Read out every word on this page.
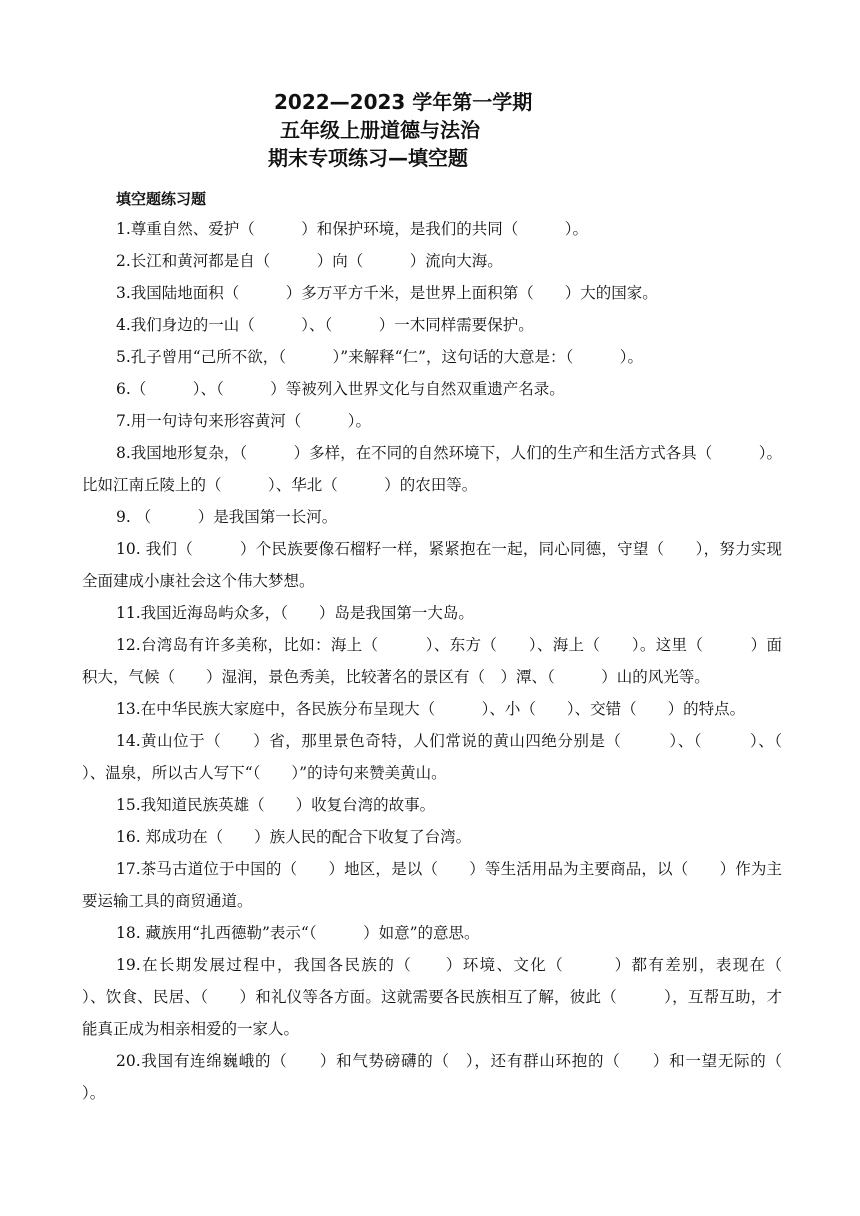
2022—2023 学年第一学期
五年级上册道德与法治
期末专项练习—填空题
填空题练习题

1.尊重自然、爱护（　　　）和保护环境，是我们的共同（　　　）。

2.长江和黄河都是自（　　　）向（　　　）流向大海。

3.我国陆地面积（　　　）多万平方千米，是世界上面积第（　　）大的国家。

4.我们身边的一山（　　　）、（　　　）一木同样需要保护。

5.孔子曾用“己所不欲，（　　　）”来解释“仁”，这句话的大意是：（　　　）。

6.（　　　）、（　　　）等被列入世界文化与自然双重遗产名录。

7.用一句诗句来形容黄河（　　　）。

8.我国地形复杂，（　　　）多样，在不同的自然环境下，人们的生产和生活方式各具（　　　）。比如江南丘陵上的（　　　）、华北（　　　）的农田等。

9. （　　　）是我国第一长河。

10. 我们（　　　）个民族要像石榴籽一样，紧紧抱在一起，同心同德，守望（　　），努力实现全面建成小康社会这个伟大梦想。

11.我国近海岛屿众多，（　　）岛是我国第一大岛。

12.台湾岛有许多美称，比如：海上（　　　）、东方（　　）、海上（　　）。这里（　　　）面积大，气候（　　）湿润，景色秀美，比较著名的景区有（　）潭、（　　　）山的风光等。

13.在中华民族大家庭中，各民族分布呈现大（　　　）、小（　　）、交错（　　）的特点。

14.黄山位于（　　）省，那里景色奇特，人们常说的黄山四绝分别是（　　　）、（　　　）、（　　）、温泉，所以古人写下“（　　）”的诗句来赞美黄山。

15.我知道民族英雄（　　）收复台湾的故事。

16. 郑成功在（　　）族人民的配合下收复了台湾。

17.茶马古道位于中国的（　　）地区，是以（　　）等生活用品为主要商品，以（　　）作为主要运输工具的商贸通道。

18. 藏族用“扎西德勒”表示“（　　　）如意”的意思。

19.在长期发展过程中，我国各民族的（　　）环境、文化（　　　）都有差别，表现在（　　）、饮食、民居、（　　）和礼仪等各方面。这就需要各民族相互了解，彼此（　　　），互帮互助，才能真正成为相亲相爱的一家人。

20.我国有连绵巍峨的（　　）和气势磅礴的（　），还有群山环抱的（　　）和一望无际的（　　　）。
